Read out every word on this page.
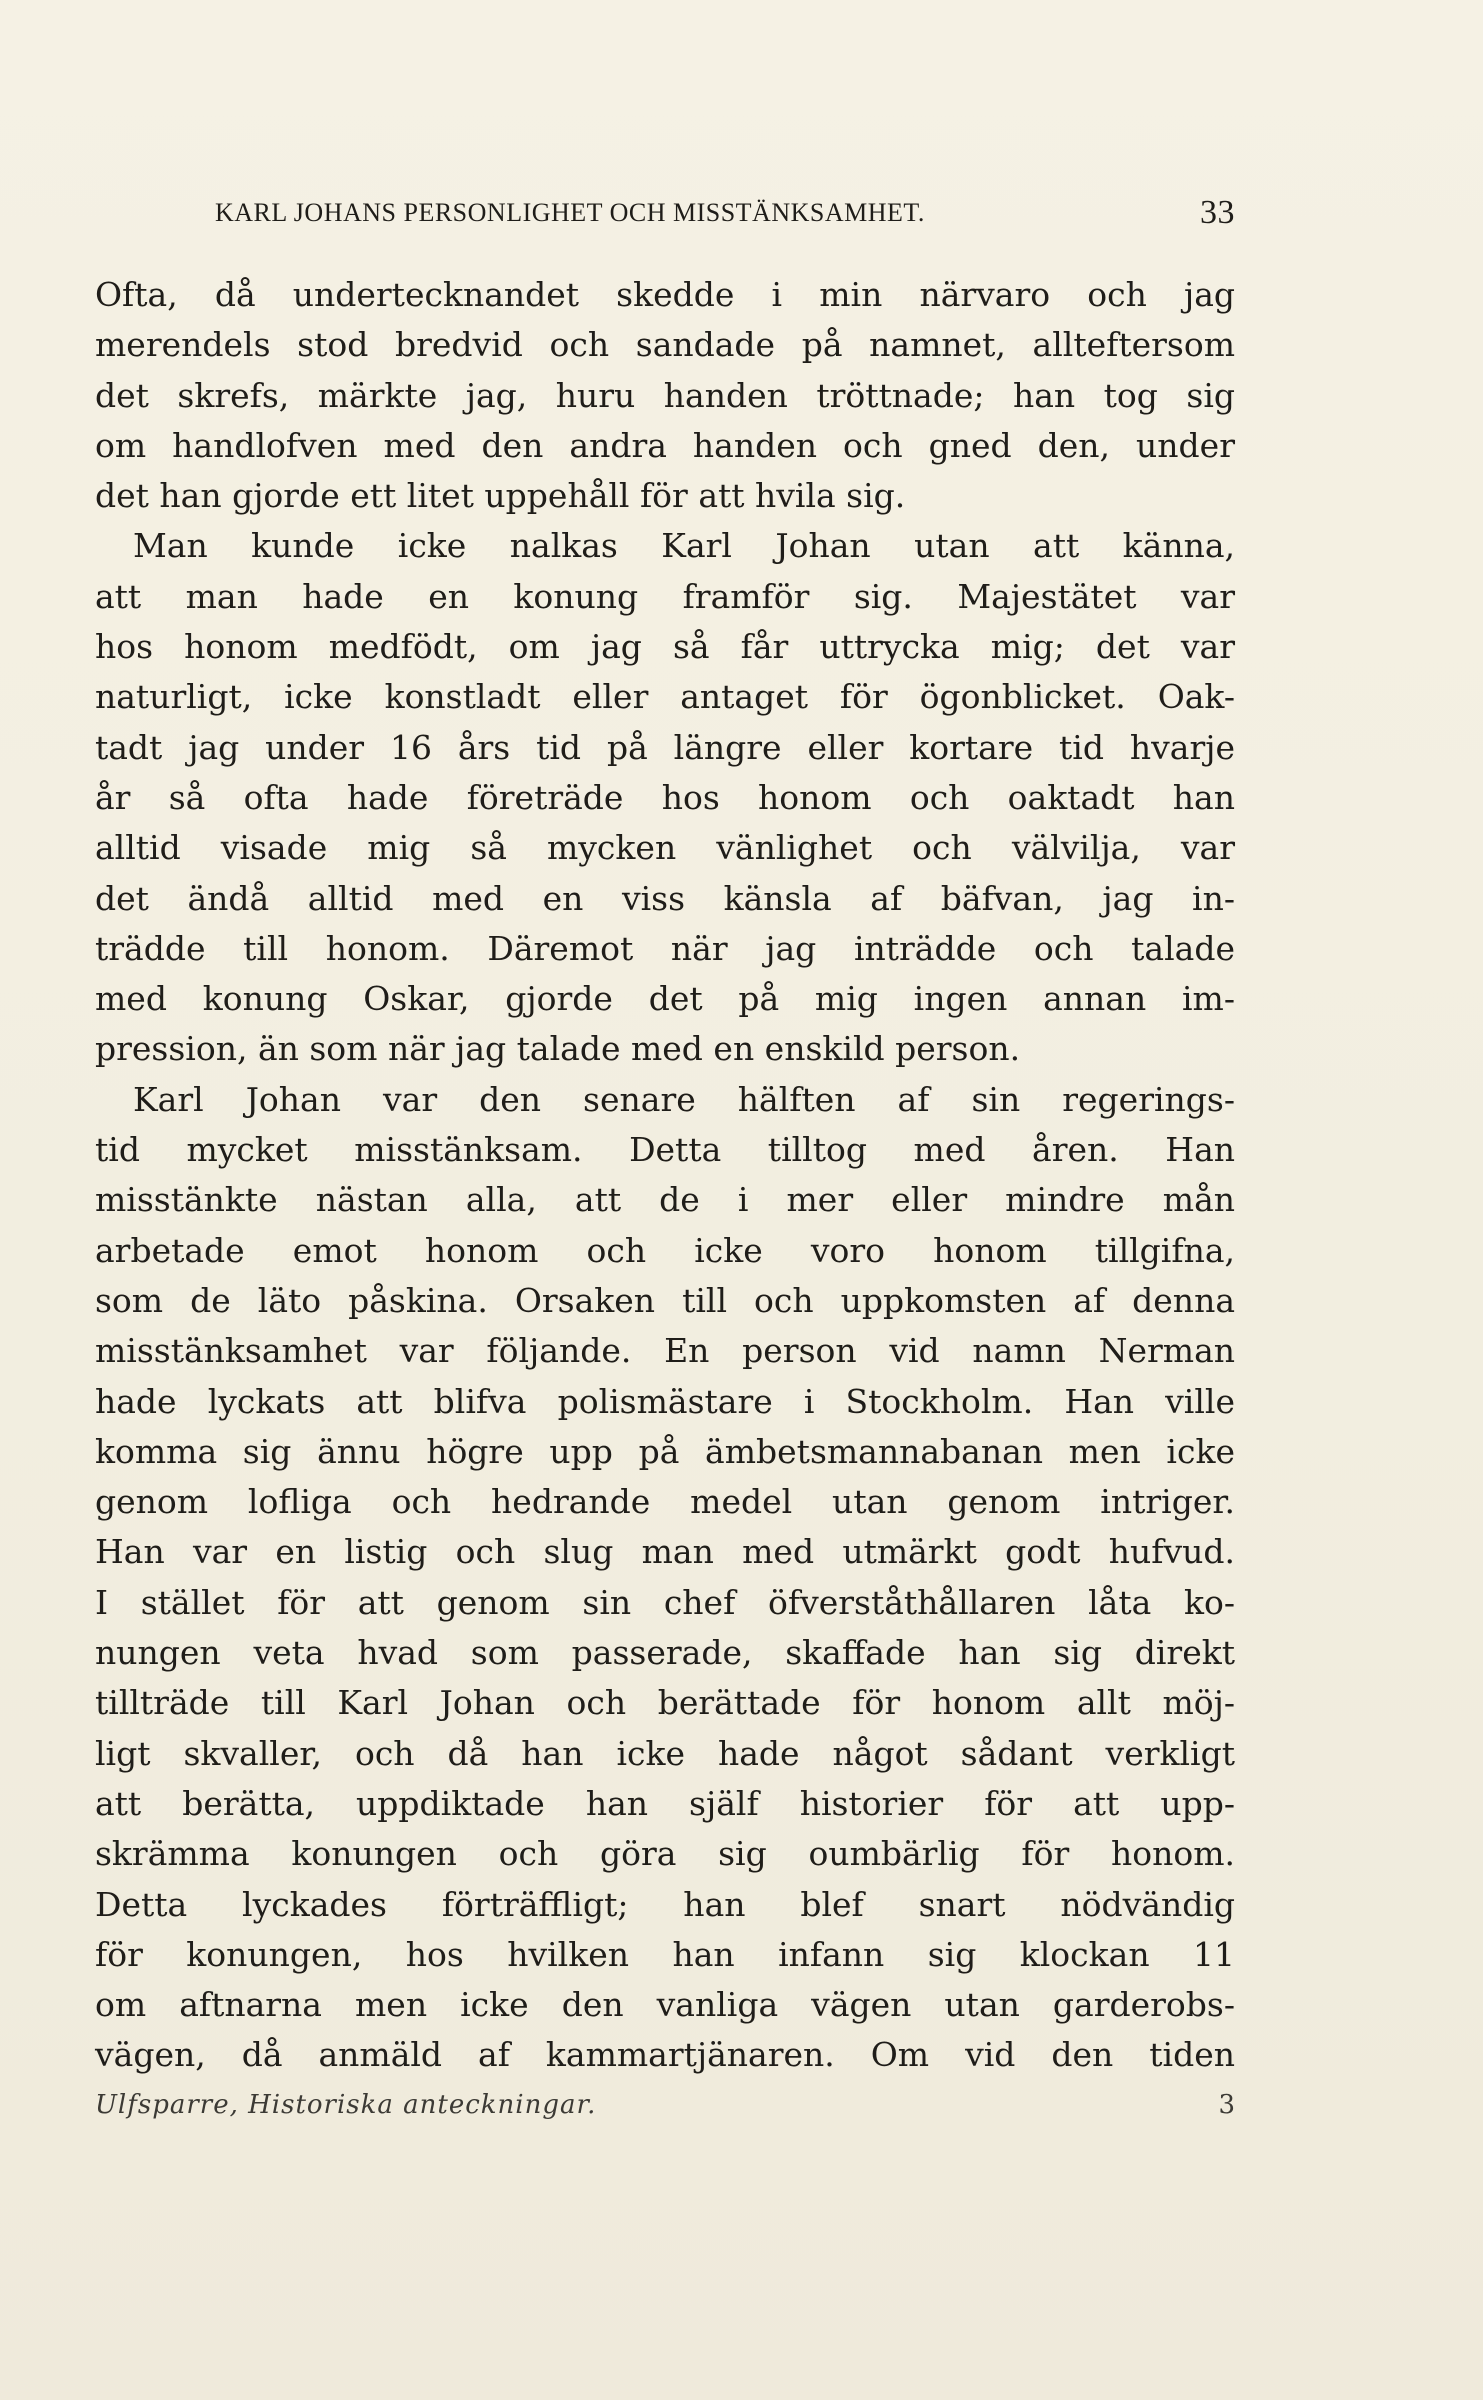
KARL JOHANS PERSONLIGHET OCH MISSTÄNKSAMHET.	33
Ofta, då undertecknandet skedde i min närvaro och jag
merendels stod bredvid och sandade på namnet, allteftersom
det skrefs, märkte jag, huru handen tröttnade; han tog sig
om handlofven med den andra handen och gned den, under
det han gjorde ett litet uppehåll för att hvila sig.
Man kunde icke nalkas Karl Johan utan att känna,
att man hade en konung framför sig. Majestätet var
hos honom medfödt, om jag så får uttrycka mig; det var
naturligt, icke konstladt eller antaget för ögonblicket. Oak-
tadt jag under 16 års tid på längre eller kortare tid hvarje
år så ofta hade företräde hos honom och oaktadt han
alltid visade mig så mycken vänlighet och välvilja, var
det ändå alltid med en viss känsla af bäfvan, jag in-
trädde till honom. Däremot när jag inträdde och talade
med konung Oskar, gjorde det på mig ingen annan im-
pression, än som när jag talade med en enskild person.
Karl Johan var den senare hälften af sin regerings-
tid mycket misstänksam. Detta tilltog med åren. Han
misstänkte nästan alla, att de i mer eller mindre mån
arbetade emot honom och icke voro honom tillgifna,
som de läto påskina. Orsaken till och uppkomsten af denna
misstänksamhet var följande. En person vid namn Nerman
hade lyckats att blifva polismästare i Stockholm. Han ville
komma sig ännu högre upp på ämbetsmannabanan men icke
genom lofliga och hedrande medel utan genom intriger.
Han var en listig och slug man med utmärkt godt hufvud.
I stället för att genom sin chef öfverståthållaren låta ko-
nungen veta hvad som passerade, skaffade han sig direkt
tillträde till Karl Johan och berättade för honom allt möj-
ligt skvaller, och då han icke hade något sådant verkligt
att berätta, uppdiktade han själf historier för att upp-
skrämma konungen och göra sig oumbärlig för honom.
Detta lyckades förträffligt; han blef snart nödvändig
för konungen, hos hvilken han infann sig klockan 11
om aftnarna men icke den vanliga vägen utan garderobs-
vägen, då anmäld af kammartjänaren. Om vid den tiden
Ulfsparre, Historiska anteckningar.	3
